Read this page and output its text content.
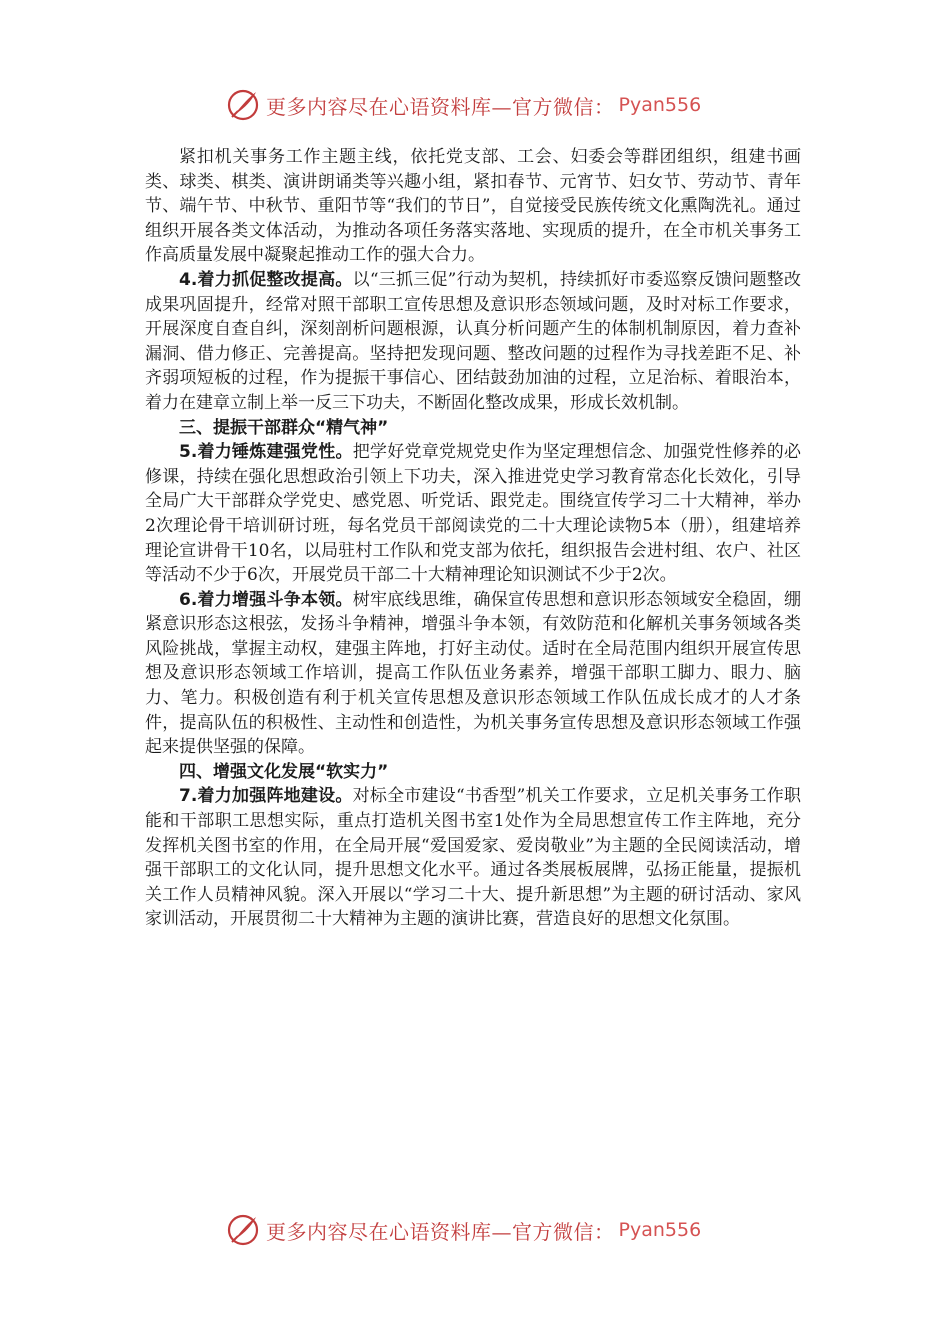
更多内容尽在心语资料库—官方微信： Pyan556

紧扣机关事务工作主题主线，依托党支部、工会、妇委会等群团组织，组建书画类、球类、棋类、演讲朗诵类等兴趣小组，紧扣春节、元宵节、妇女节、劳动节、青年节、端午节、中秋节、重阳节等“我们的节日”，自觉接受民族传统文化熏陶洗礼。通过组织开展各类文体活动，为推动各项任务落实落地、实现质的提升，在全市机关事务工作高质量发展中凝聚起推动工作的强大合力。

4.着力抓促整改提高。以“三抓三促”行动为契机，持续抓好市委巡察反馈问题整改成果巩固提升，经常对照干部职工宣传思想及意识形态领域问题，及时对标工作要求，开展深度自查自纠，深刻剖析问题根源，认真分析问题产生的体制机制原因，着力查补漏洞、借力修正、完善提高。坚持把发现问题、整改问题的过程作为寻找差距不足、补齐弱项短板的过程，作为提振干事信心、团结鼓劲加油的过程，立足治标、着眼治本，着力在建章立制上举一反三下功夫，不断固化整改成果，形成长效机制。

三、提振干部群众“精气神”

5.着力锤炼建强党性。把学好党章党规党史作为坚定理想信念、加强党性修养的必修课，持续在强化思想政治引领上下功夫，深入推进党史学习教育常态化长效化，引导全局广大干部群众学党史、感党恩、听党话、跟党走。围绕宣传学习二十大精神，举办2次理论骨干培训研讨班，每名党员干部阅读党的二十大理论读物5本（册），组建培养理论宣讲骨干10名，以局驻村工作队和党支部为依托，组织报告会进村组、农户、社区等活动不少于6次，开展党员干部二十大精神理论知识测试不少于2次。

6.着力增强斗争本领。树牢底线思维，确保宣传思想和意识形态领域安全稳固，绷紧意识形态这根弦，发扬斗争精神，增强斗争本领，有效防范和化解机关事务领域各类风险挑战，掌握主动权，建强主阵地，打好主动仗。适时在全局范围内组织开展宣传思想及意识形态领域工作培训，提高工作队伍业务素养，增强干部职工脚力、眼力、脑力、笔力。积极创造有利于机关宣传思想及意识形态领域工作队伍成长成才的人才条件，提高队伍的积极性、主动性和创造性，为机关事务宣传思想及意识形态领域工作强起来提供坚强的保障。

四、增强文化发展“软实力”

7.着力加强阵地建设。对标全市建设“书香型”机关工作要求，立足机关事务工作职能和干部职工思想实际，重点打造机关图书室1处作为全局思想宣传工作主阵地，充分发挥机关图书室的作用，在全局开展“爱国爱家、爱岗敬业”为主题的全民阅读活动，增强干部职工的文化认同，提升思想文化水平。通过各类展板展牌，弘扬正能量，提振机关工作人员精神风貌。深入开展以“学习二十大、提升新思想”为主题的研讨活动、家风家训活动，开展贯彻二十大精神为主题的演讲比赛，营造良好的思想文化氛围。

更多内容尽在心语资料库—官方微信： Pyan556
